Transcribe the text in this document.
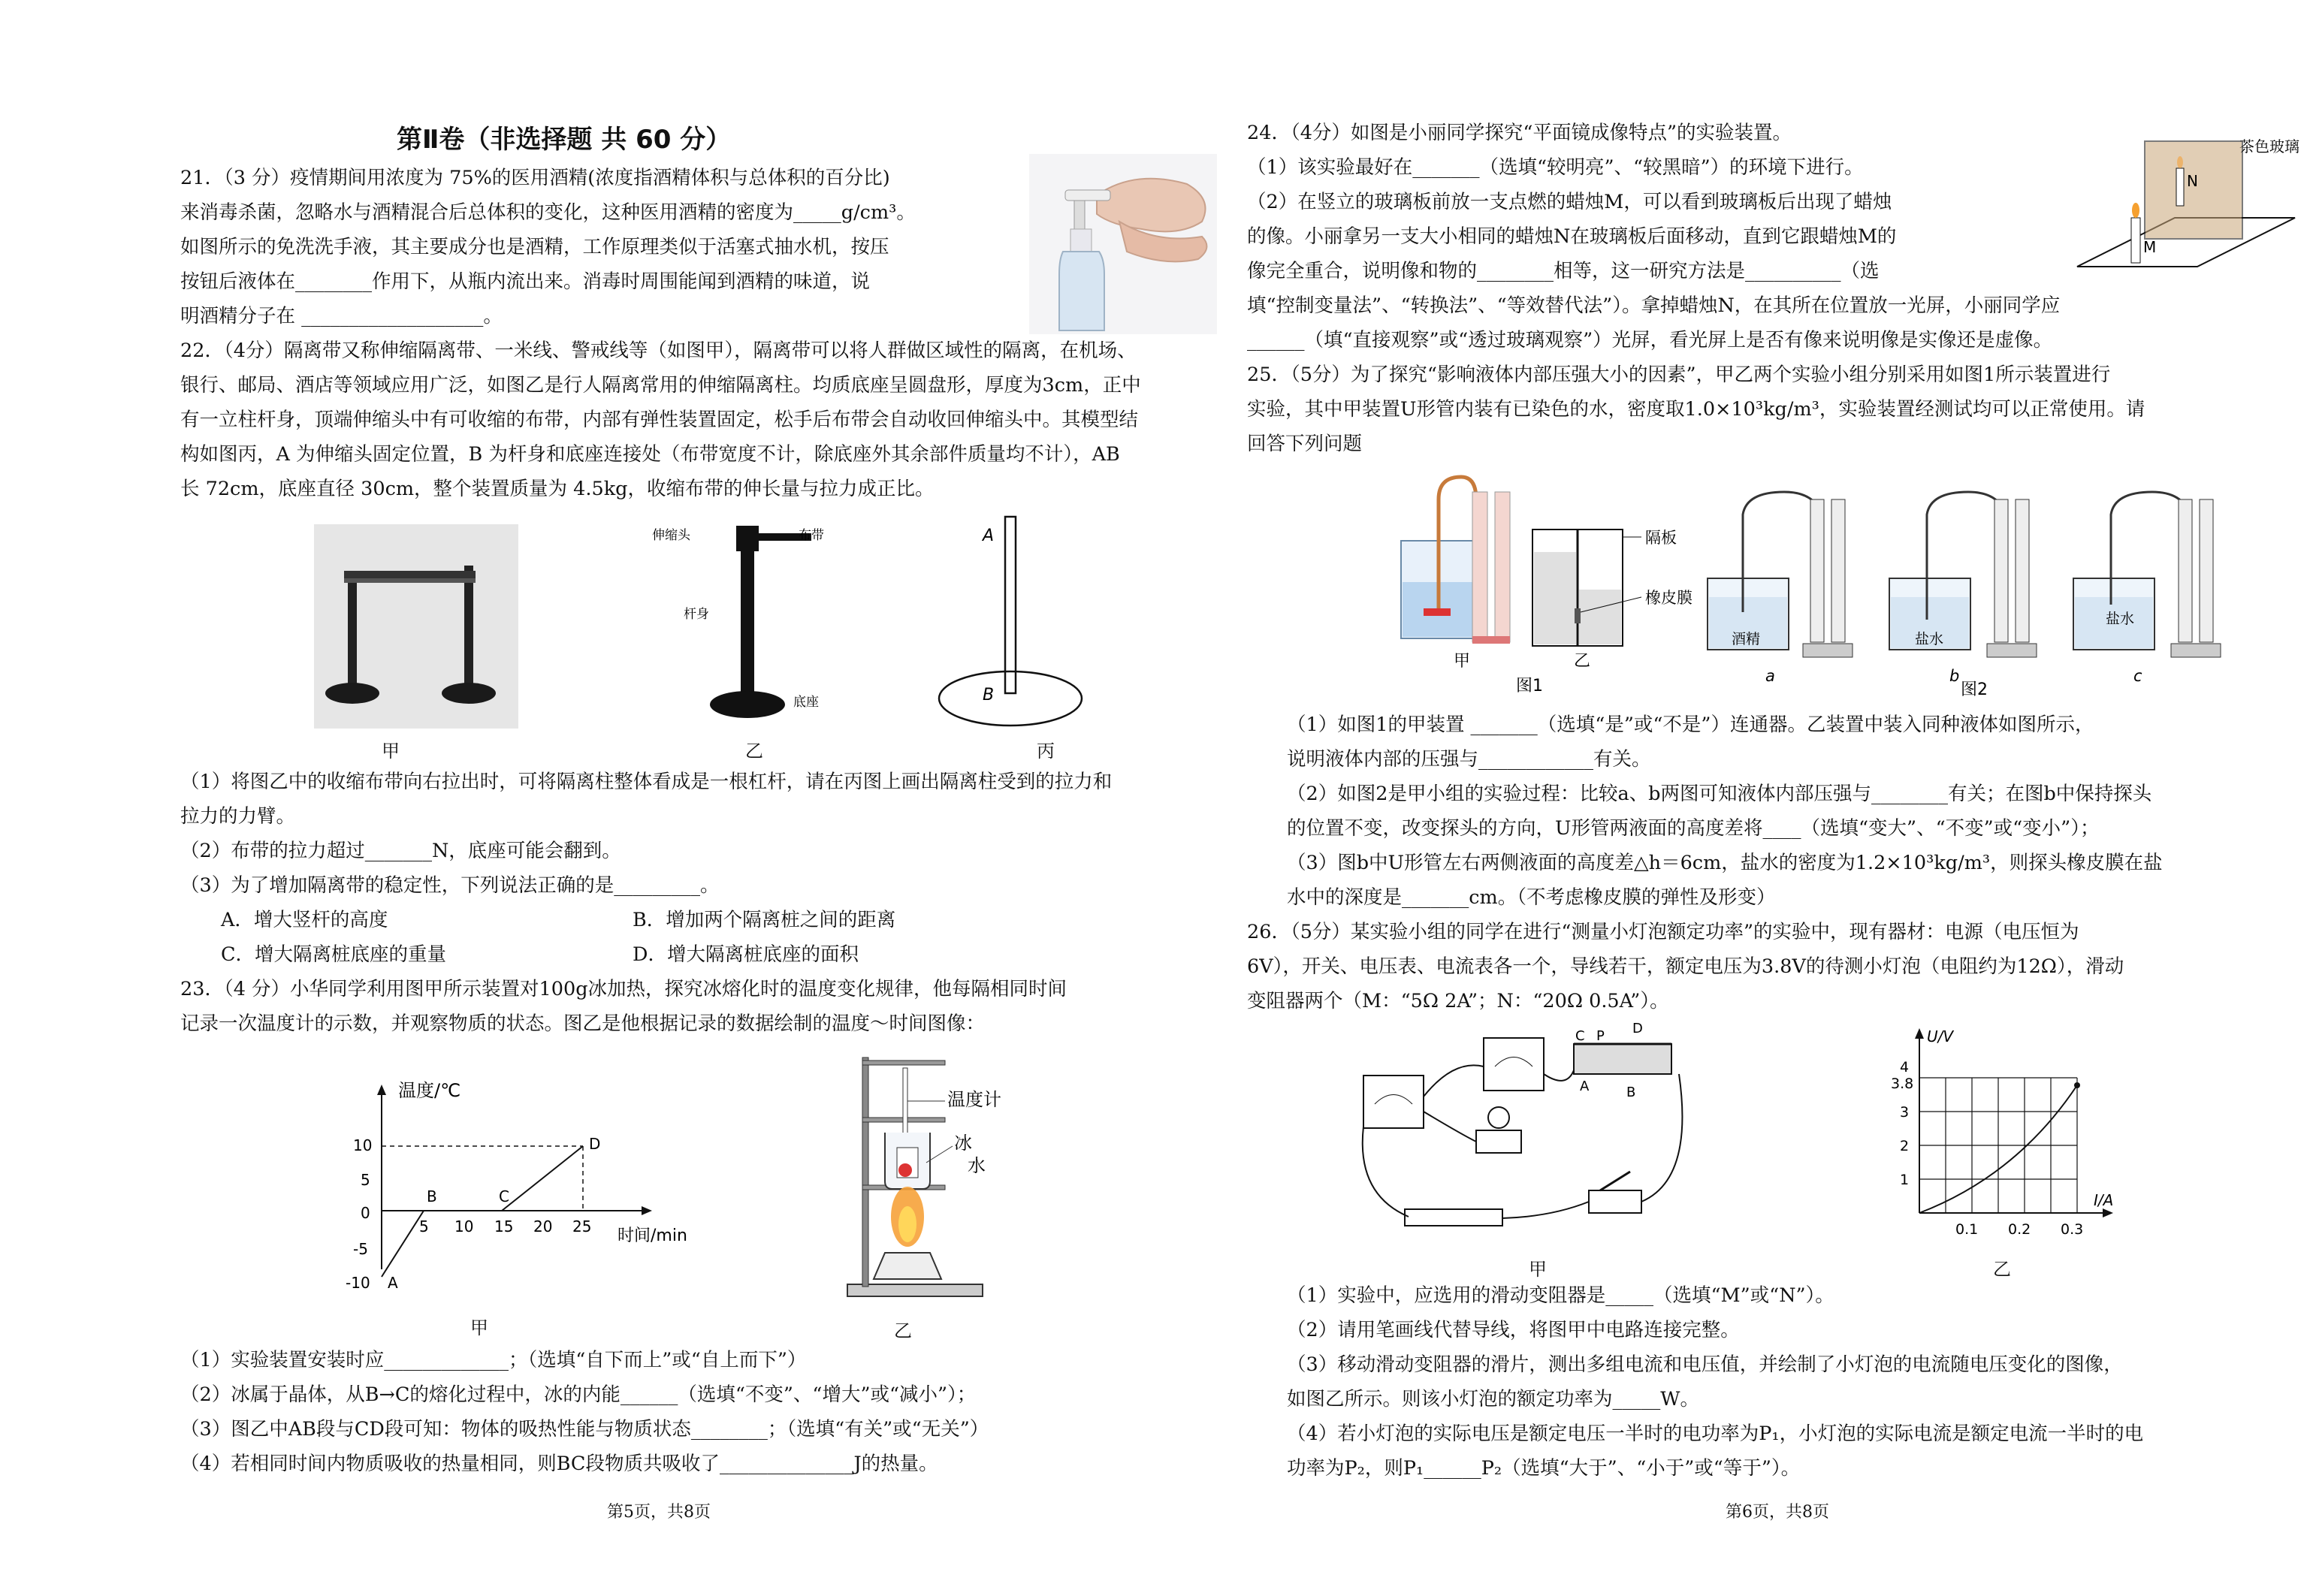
第Ⅱ卷（非选择题 共 60 分）
21．（3 分）疫情期间用浓度为 75%的医用酒精(浓度指酒精体积与总体积的百分比)
来消毒杀菌，忽略水与酒精混合后总体积的变化，这种医用酒精的密度为_____g/cm³。
如图所示的免洗洗手液，其主要成分也是酒精，工作原理类似于活塞式抽水机，按压
按钮后液体在________作用下，从瓶内流出来。消毒时周围能闻到酒精的味道，说
明酒精分子在 ___________________。
22．（4分）隔离带又称伸缩隔离带、一米线、警戒线等（如图甲），隔离带可以将人群做区域性的隔离，在机场、
银行、邮局、酒店等领域应用广泛，如图乙是行人隔离常用的伸缩隔离柱。均质底座呈圆盘形，厚度为3cm，正中
有一立柱杆身，顶端伸缩头中有可收缩的布带，内部有弹性装置固定，松手后布带会自动收回伸缩头中。其模型结
构如图丙，A 为伸缩头固定位置，B 为杆身和底座连接处（布带宽度不计，除底座外其余部件质量均不计），AB
长 72cm，底座直径 30cm，整个装置质量为 4.5kg，收缩布带的伸长量与拉力成正比。
甲
伸缩头	布带
杆身
底座
乙
A
B
丙
（1）将图乙中的收缩布带向右拉出时，可将隔离柱整体看成是一根杠杆，请在丙图上画出隔离柱受到的拉力和
拉力的力臂。
（2）布带的拉力超过_______N，底座可能会翻到。
（3）为了增加隔离带的稳定性，下列说法正确的是_________。
A．增大竖杆的高度	B．增加两个隔离桩之间的距离
C．增大隔离桩底座的重量	D．增大隔离桩底座的面积
23．（4 分）小华同学利用图甲所示装置对100g冰加热，探究冰熔化时的温度变化规律，他每隔相同时间
记录一次温度计的示数，并观察物质的状态。图乙是他根据记录的数据绘制的温度～时间图像：
温度/℃
时间/min
10
5
0
-5
-10
5 10 15 20 25
A
B	C
D
甲
温度计
冰
水
乙
（1）实验装置安装时应_____________；（选填“自下而上”或“自上而下”）
（2）冰属于晶体，从B→C的熔化过程中，冰的内能______（选填“不变”、“增大”或“减小”）；
（3）图乙中AB段与CD段可知：物体的吸热性能与物质状态________；（选填“有关”或“无关”）
（4）若相同时间内物质吸收的热量相同，则BC段物质共吸收了______________J的热量。
第5页，共8页
24．（4分）如图是小丽同学探究“平面镜成像特点”的实验装置。
（1）该实验最好在_______（选填“较明亮”、“较黑暗”）的环境下进行。
（2）在竖立的玻璃板前放一支点燃的蜡烛M，可以看到玻璃板后出现了蜡烛
的像。小丽拿另一支大小相同的蜡烛N在玻璃板后面移动，直到它跟蜡烛M的
像完全重合，说明像和物的________相等，这一研究方法是__________（选
填“控制变量法”、“转换法”、“等效替代法”）。拿掉蜡烛N，在其所在位置放一光屏，小丽同学应
______（填“直接观察”或“透过玻璃观察”）光屏，看光屏上是否有像来说明像是实像还是虚像。
N
M
茶色玻璃
25．（5分）为了探究“影响液体内部压强大小的因素”，甲乙两个实验小组分别采用如图1所示装置进行
实验，其中甲装置U形管内装有已染色的水，密度取1.0×10³kg/m³，实验装置经测试均可以正常使用。请
回答下列问题
甲
隔板
橡皮膜
乙
图1
酒精
a
盐水
b
盐水
c
图2
（1）如图1的甲装置 _______（选填“是”或“不是”）连通器。乙装置中装入同种液体如图所示，
说明液体内部的压强与____________有关。
（2）如图2是甲小组的实验过程：比较a、b两图可知液体内部压强与________有关；在图b中保持探头
的位置不变，改变探头的方向，U形管两液面的高度差将____（选填“变大”、“不变”或“变小”）；
（3）图b中U形管左右两侧液面的高度差△h＝6cm，盐水的密度为1.2×10³kg/m³，则探头橡皮膜在盐
水中的深度是_______cm。（不考虑橡皮膜的弹性及形变）
26．（5分）某实验小组的同学在进行“测量小灯泡额定功率”的实验中，现有器材：电源（电压恒为
6V），开关、电压表、电流表各一个，导线若干，额定电压为3.8V的待测小灯泡（电阻约为12Ω），滑动
变阻器两个（M：“5Ω 2A”；N：“20Ω 0.5A”）。
C P D
A	B
甲
U/V
I/A
4
3.8
3
2
1
0.1 0.2 0.3
乙
（1）实验中，应选用的滑动变阻器是_____（选填“M”或“N”）。
（2）请用笔画线代替导线，将图甲中电路连接完整。
（3）移动滑动变阻器的滑片，测出多组电流和电压值，并绘制了小灯泡的电流随电压变化的图像，
如图乙所示。则该小灯泡的额定功率为_____W。
（4）若小灯泡的实际电压是额定电压一半时的电功率为P₁，小灯泡的实际电流是额定电流一半时的电
功率为P₂，则P₁______P₂（选填“大于”、“小于”或“等于”）。
第6页，共8页
